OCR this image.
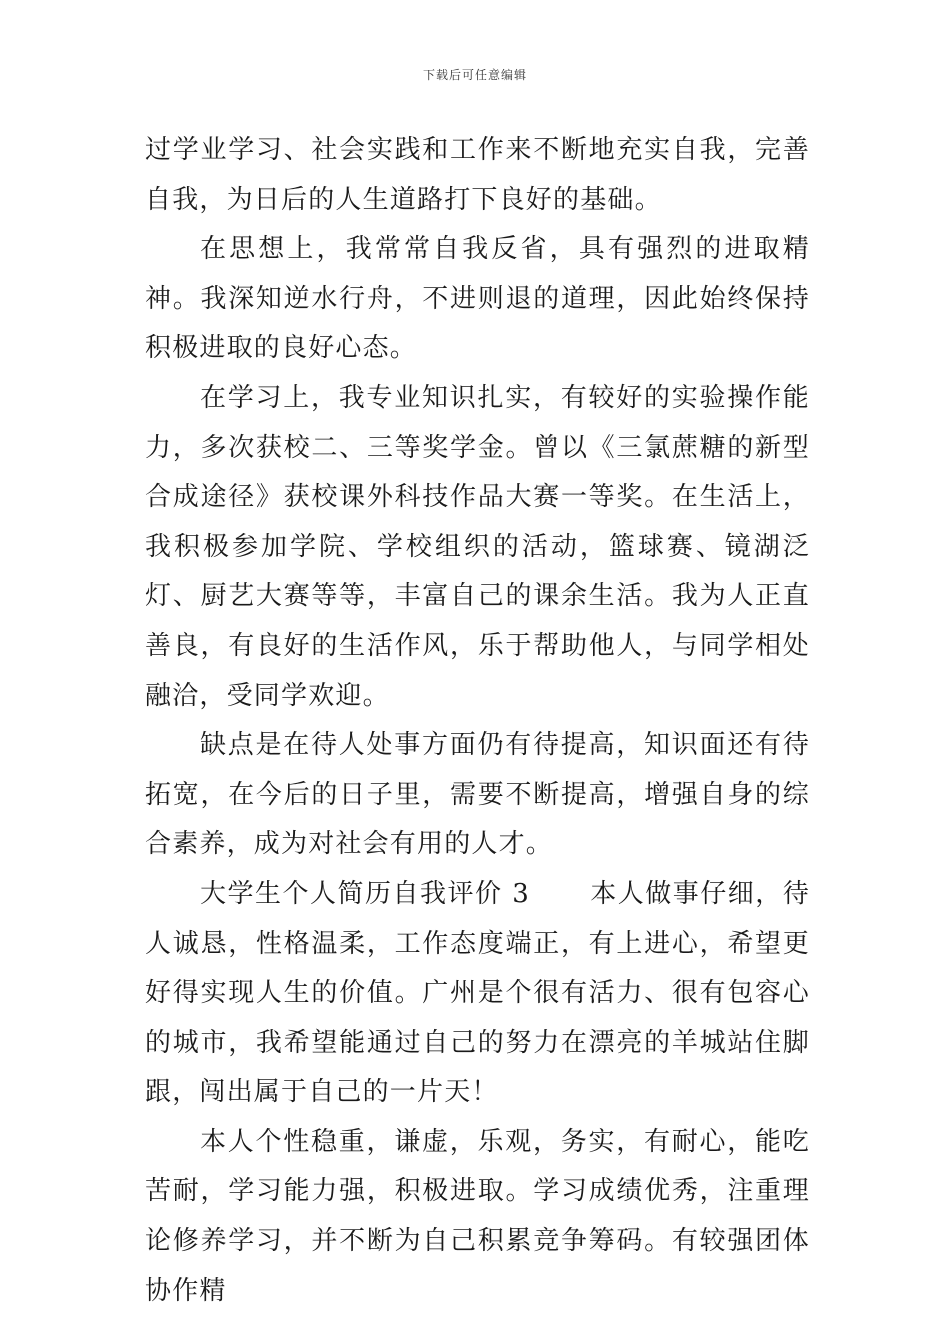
下载后可任意编辑

过学业学习、社会实践和工作来不断地充实自我，完善自我，为日后的人生道路打下良好的基础。

在思想上，我常常自我反省，具有强烈的进取精神。我深知逆水行舟，不进则退的道理，因此始终保持积极进取的良好心态。

在学习上，我专业知识扎实，有较好的实验操作能力，多次获校二、三等奖学金。曾以《三氯蔗糖的新型合成途径》获校课外科技作品大赛一等奖。在生活上，我积极参加学院、学校组织的活动，篮球赛、镜湖泛灯、厨艺大赛等等，丰富自己的课余生活。我为人正直善良，有良好的生活作风，乐于帮助他人，与同学相处融洽，受同学欢迎。

缺点是在待人处事方面仍有待提高，知识面还有待拓宽，在今后的日子里，需要不断提高，增强自身的综合素养，成为对社会有用的人才。

大学生个人简历自我评价 3 本人做事仔细，待人诚恳，性格温柔，工作态度端正，有上进心，希望更好得实现人生的价值。广州是个很有活力、很有包容心的城市，我希望能通过自己的努力在漂亮的羊城站住脚跟，闯出属于自己的一片天！

本人个性稳重，谦虚，乐观，务实，有耐心，能吃苦耐，学习能力强，积极进取。学习成绩优秀，注重理论修养学习，并不断为自己积累竞争筹码。有较强团体协作精
